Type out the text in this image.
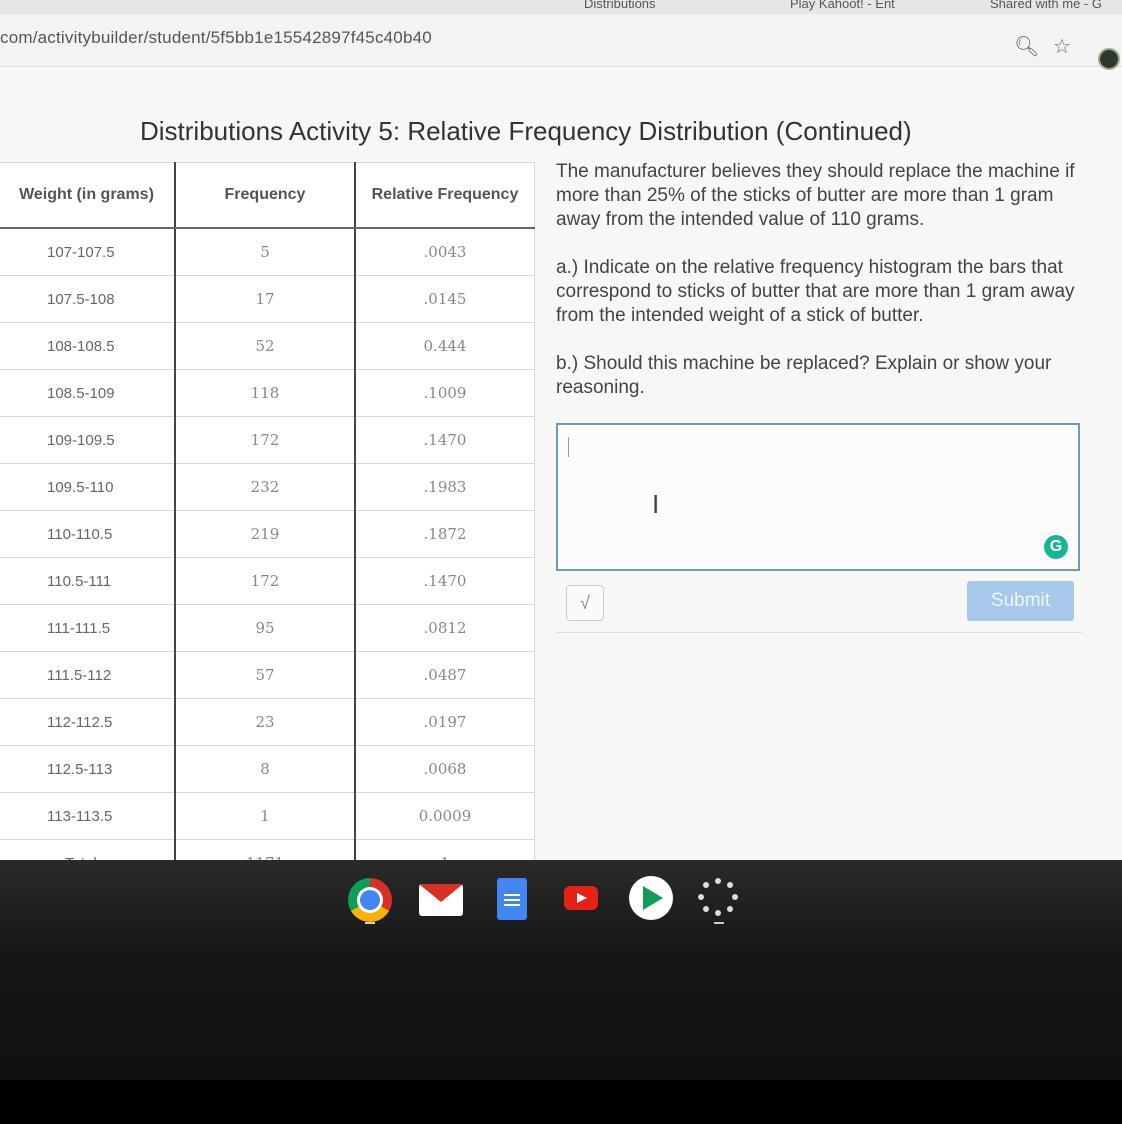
Distributions	Play Kahoot! - Ent	Shared with me - G
com/activitybuilder/student/5f5bb1e15542897f45c40b40	🔍︎ ☆
Distributions Activity 5: Relative Frequency Distribution (Continued)
Weight (in grams)	Frequency	Relative Frequency
107-107.5	5	.0043
107.5-108	17	.0145
108-108.5	52	0.444
108.5-109	118	.1009
109-109.5	172	.1470
109.5-110	232	.1983
110-110.5	219	.1872
110.5-111	172	.1470
111-111.5	95	.0812
111.5-112	57	.0487
112-112.5	23	.0197
112.5-113	8	.0068
113-113.5	1	0.0009

The manufacturer believes they should replace the machine if more than 25% of the sticks of butter are more than 1 gram away from the intended value of 110 grams.

a.) Indicate on the relative frequency histogram the bars that correspond to sticks of butter that are more than 1 gram away from the intended weight of a stick of butter.

b.) Should this machine be replaced? Explain or show your reasoning.

I
G
√	Submit
